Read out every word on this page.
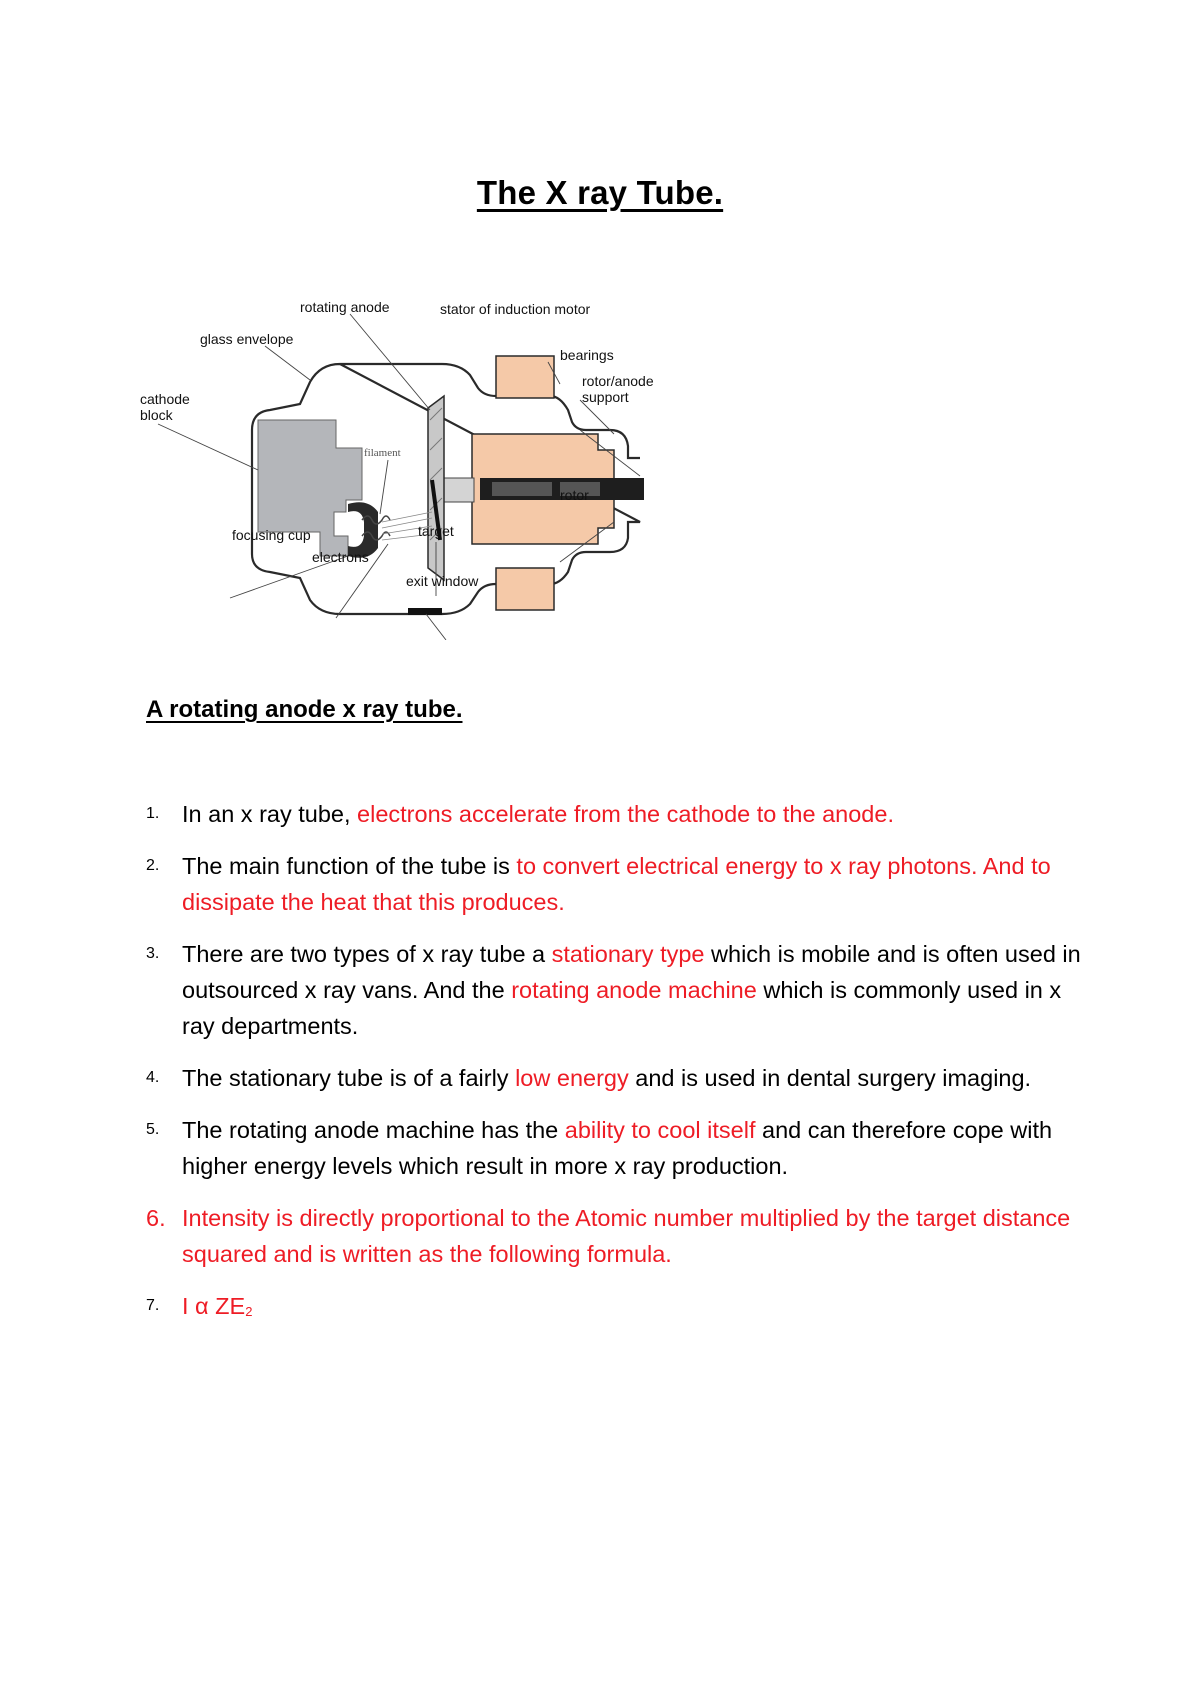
The X ray Tube.
rotating anode	stator of induction motor
glass envelope
bearings
rotor/anode
support
cathode
block
filament
rotor
focusing cup	target
electrons
exit window
A rotating anode x ray tube.
1. In an x ray tube, electrons accelerate from the cathode to the anode.
2. The main function of the tube is to convert electrical energy to x ray photons. And to dissipate the heat that this produces.
3. There are two types of x ray tube a stationary type which is mobile and is often used in outsourced x ray vans. And the rotating anode machine which is commonly used in x ray departments.
4. The stationary tube is of a fairly low energy and is used in dental surgery imaging.
5. The rotating anode machine has the ability to cool itself and can therefore cope with higher energy levels which result in more x ray production.
6. Intensity is directly proportional to the Atomic number multiplied by the target distance squared and is written as the following formula.
7. I α ZE2
